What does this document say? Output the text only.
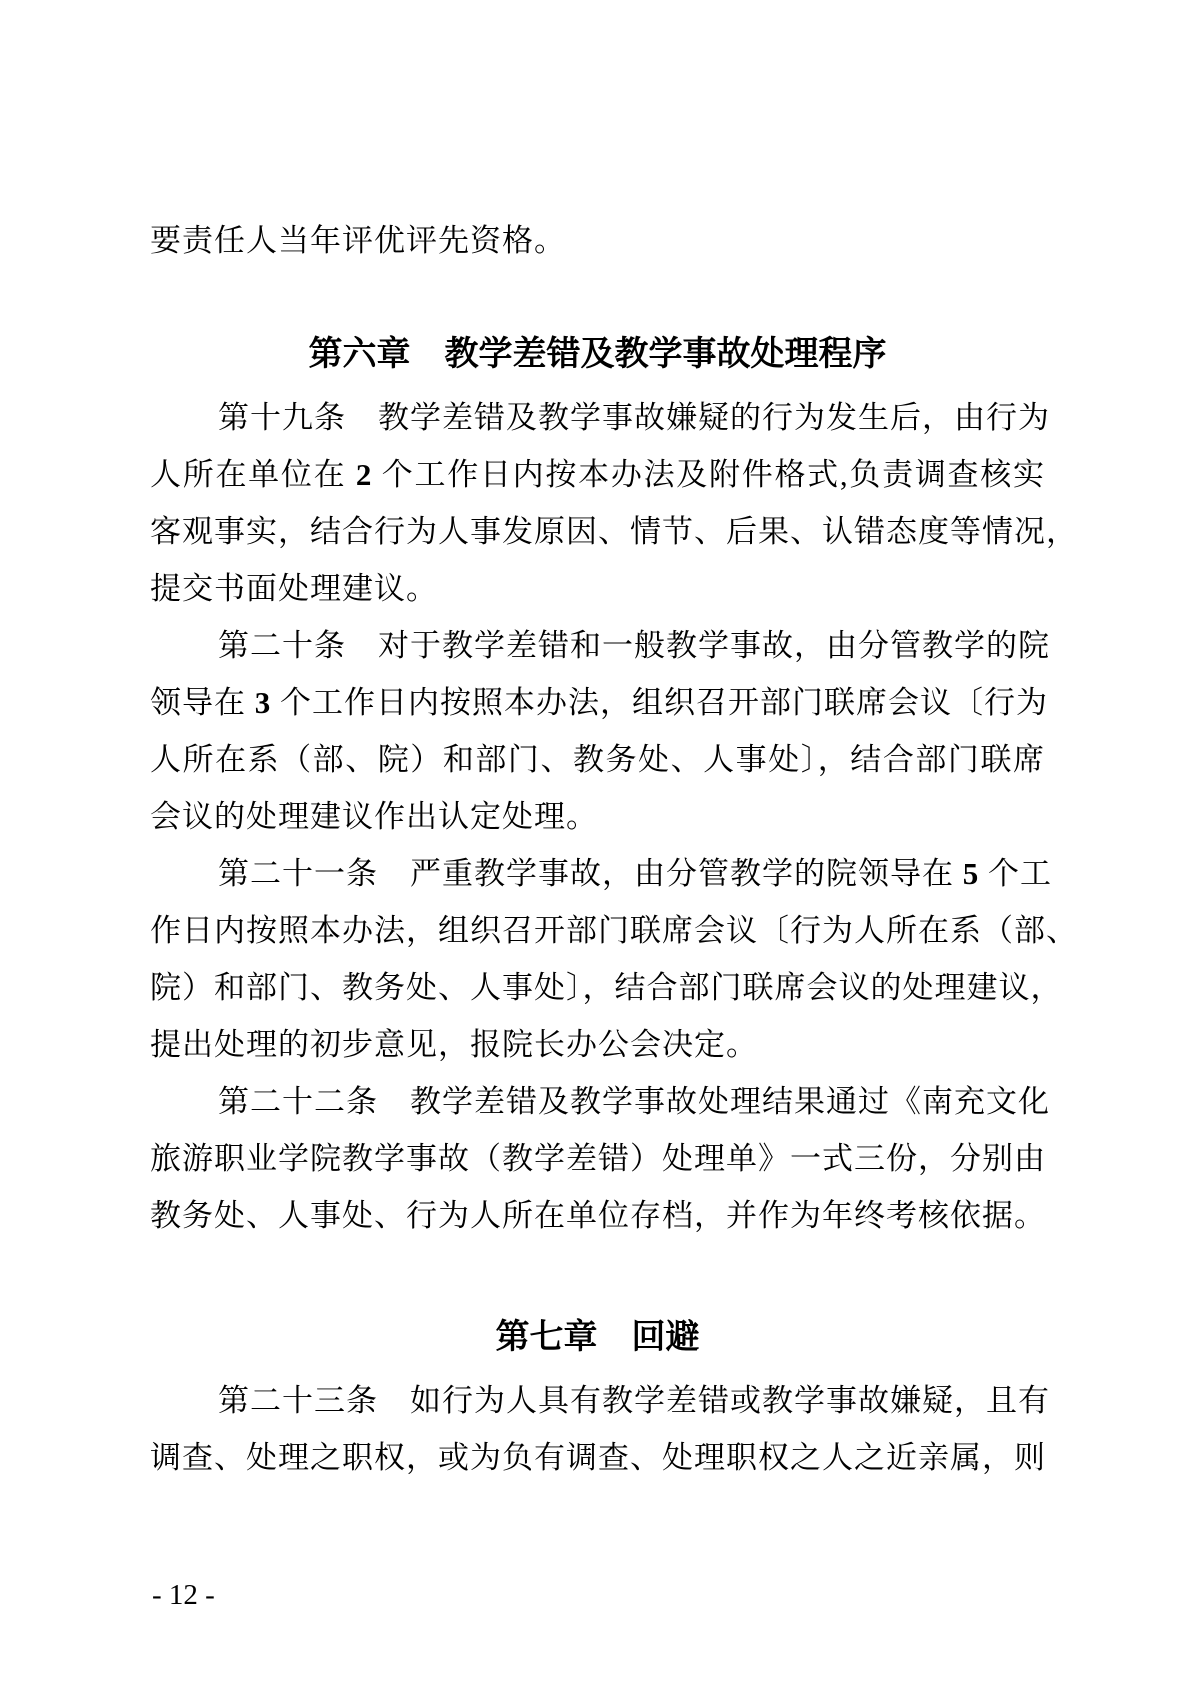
要责任人当年评优评先资格。
第六章　教学差错及教学事故处理程序
第十九条　教学差错及教学事故嫌疑的行为发生后，由行为
人所在单位在 2 个工作日内按本办法及附件格式,负责调查核实
客观事实，结合行为人事发原因、情节、后果、认错态度等情况，
提交书面处理建议。
第二十条　对于教学差错和一般教学事故，由分管教学的院
领导在 3 个工作日内按照本办法，组织召开部门联席会议〔行为
人所在系（部、院）和部门、教务处、人事处〕，结合部门联席
会议的处理建议作出认定处理。
第二十一条　严重教学事故，由分管教学的院领导在 5 个工
作日内按照本办法，组织召开部门联席会议〔行为人所在系（部、
院）和部门、教务处、人事处〕，结合部门联席会议的处理建议，
提出处理的初步意见，报院长办公会决定。
第二十二条　教学差错及教学事故处理结果通过《南充文化
旅游职业学院教学事故（教学差错）处理单》一式三份，分别由
教务处、人事处、行为人所在单位存档，并作为年终考核依据。
第七章　回避
第二十三条　如行为人具有教学差错或教学事故嫌疑，且有
调查、处理之职权，或为负有调查、处理职权之人之近亲属，则
- 12 -
